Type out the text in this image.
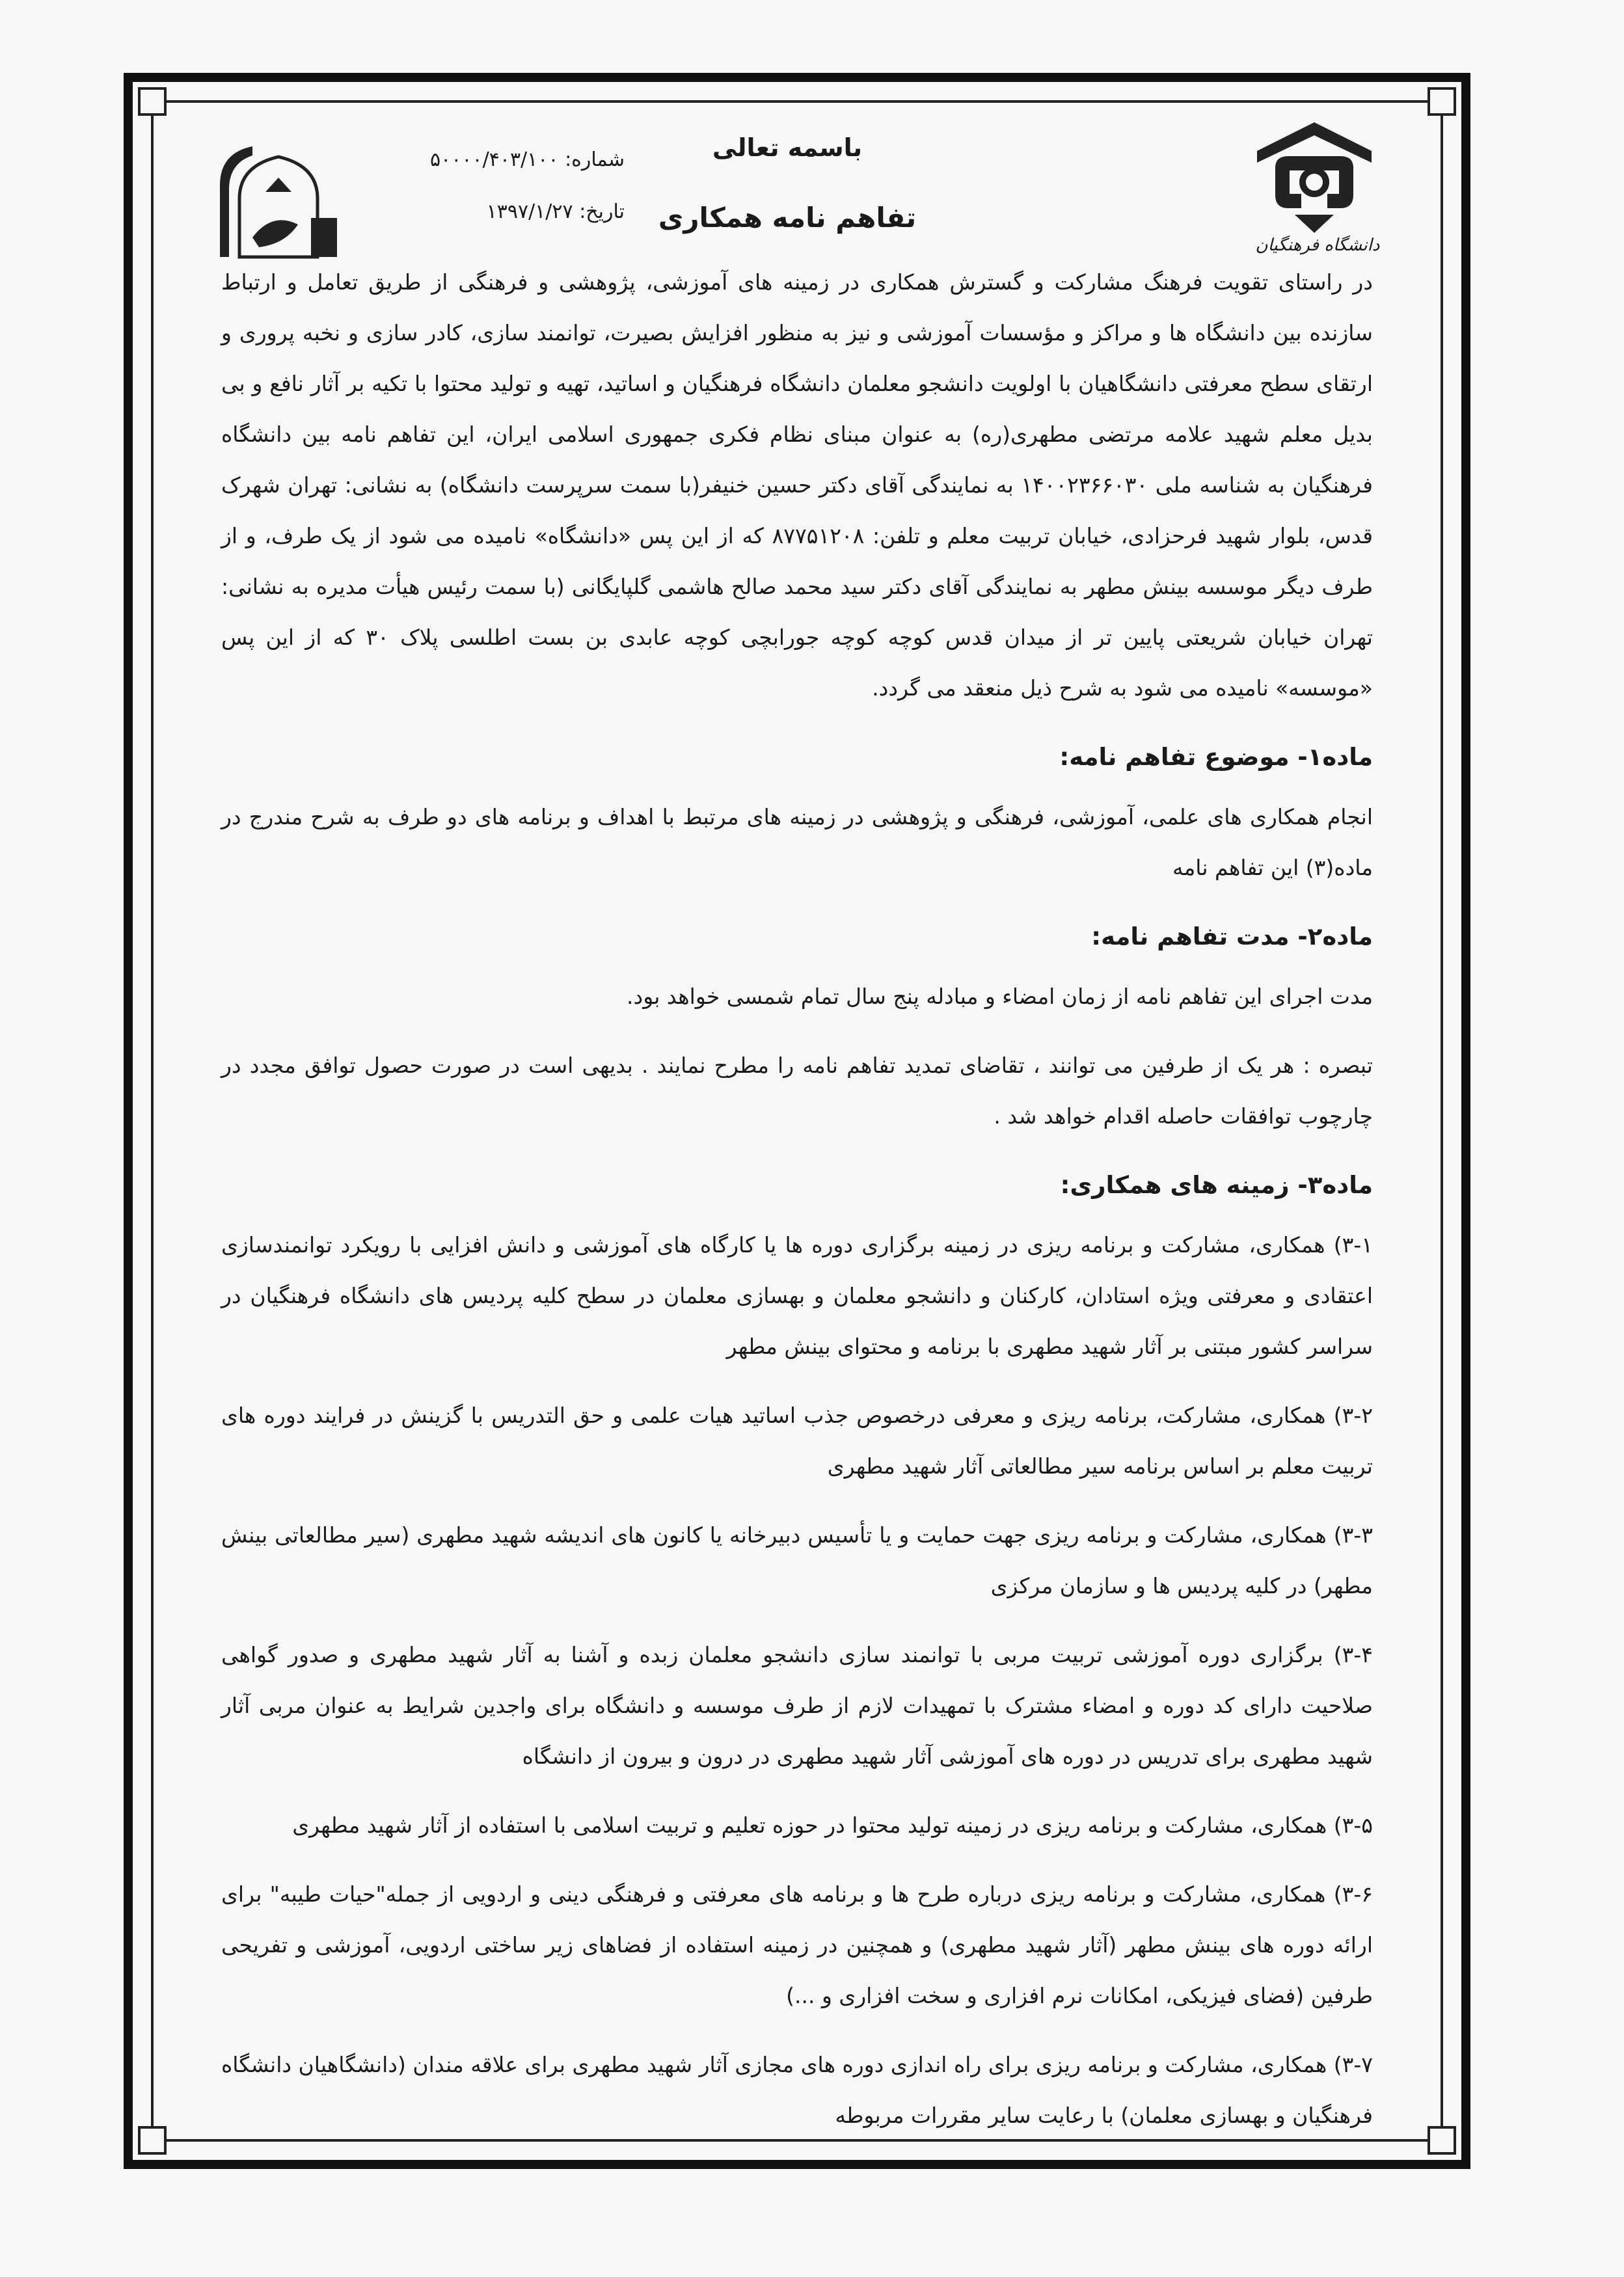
دانشگاه فرهنگیان
باسمه تعالی
تفاهم نامه همکاری
شماره: ۵۰۰۰۰/۴۰۳/۱۰۰
تاریخ: ۱۳۹۷/۱/۲۷

در راستای تقویت فرهنگ مشارکت و گسترش همکاری در زمینه های آموزشی، پژوهشی و فرهنگی از طریق تعامل و ارتباط سازنده بین دانشگاه ها و مراکز و مؤسسات آموزشی و نیز به منظور افزایش بصیرت، توانمند سازی، کادر سازی و نخبه پروری و ارتقای سطح معرفتی دانشگاهیان با اولویت دانشجو معلمان دانشگاه فرهنگیان و اساتید، تهیه و تولید محتوا با تکیه بر آثار نافع و بی بدیل معلم شهید علامه مرتضی مطهری(ره) به عنوان مبنای نظام فکری جمهوری اسلامی ایران، این تفاهم نامه بین دانشگاه فرهنگیان به شناسه ملی ۱۴۰۰۲۳۶۶۰۳۰ به نمایندگی آقای دکتر حسین خنیفر(با سمت سرپرست دانشگاه) به نشانی: تهران شهرک قدس، بلوار شهید فرحزادی، خیابان تربیت معلم و تلفن: ۸۷۷۵۱۲۰۸ که از این پس «دانشگاه» نامیده می شود از یک طرف، و از طرف دیگر موسسه بینش مطهر به نمایندگی آقای دکتر سید محمد صالح هاشمی گلپایگانی (با سمت رئیس هیأت مدیره به نشانی: تهران خیابان شریعتی پایین تر از میدان قدس کوچه کوچه جورابچی کوچه عابدی بن بست اطلسی پلاک ۳۰ که از این پس «موسسه» نامیده می شود به شرح ذیل منعقد می گردد.

ماده۱- موضوع تفاهم نامه:

انجام همکاری های علمی، آموزشی، فرهنگی و پژوهشی در زمینه های مرتبط با اهداف و برنامه های دو طرف به شرح مندرج در ماده(۳) این تفاهم نامه

ماده۲- مدت تفاهم نامه:

مدت اجرای این تفاهم نامه از زمان امضاء و مبادله پنج سال تمام شمسی خواهد بود.

تبصره : هر یک از طرفین می توانند ، تقاضای تمدید تفاهم نامه را مطرح نمایند . بدیهی است در صورت حصول توافق مجدد در چارچوب توافقات حاصله اقدام خواهد شد .

ماده۳- زمینه های همکاری:

۳-۱) همکاری، مشارکت و برنامه ریزی در زمینه برگزاری دوره ها یا کارگاه های آموزشی و دانش افزایی با رویکرد توانمندسازی اعتقادی و معرفتی ویژه استادان، کارکنان و دانشجو معلمان و بهسازی معلمان در سطح کلیه پردیس های دانشگاه فرهنگیان در سراسر کشور مبتنی بر آثار شهید مطهری با برنامه و محتوای بینش مطهر

۳-۲) همکاری، مشارکت، برنامه ریزی و معرفی درخصوص جذب اساتید هیات علمی و حق التدریس با گزینش در فرایند دوره های تربیت معلم بر اساس برنامه سیر مطالعاتی آثار شهید مطهری

۳-۳) همکاری، مشارکت و برنامه ریزی جهت حمایت و یا تأسیس دبیرخانه یا کانون های اندیشه شهید مطهری (سیر مطالعاتی بینش مطهر) در کلیه پردیس ها و سازمان مرکزی

۳-۴) برگزاری دوره آموزشی تربیت مربی با توانمند سازی دانشجو معلمان زبده و آشنا به آثار شهید مطهری و صدور گواهی صلاحیت دارای کد دوره و امضاء مشترک با تمهیدات لازم از طرف موسسه و دانشگاه برای واجدین شرایط به عنوان مربی آثار شهید مطهری برای تدریس در دوره های آموزشی آثار شهید مطهری در درون و بیرون از دانشگاه

۳-۵) همکاری، مشارکت و برنامه ریزی در زمینه تولید محتوا در حوزه تعلیم و تربیت اسلامی با استفاده از آثار شهید مطهری

۳-۶) همکاری، مشارکت و برنامه ریزی درباره طرح ها و برنامه های معرفتی و فرهنگی دینی و اردویی از جمله"حیات طیبه" برای ارائه دوره های بینش مطهر (آثار شهید مطهری) و همچنین در زمینه استفاده از فضاهای زیر ساختی اردویی، آموزشی و تفریحی طرفین (فضای فیزیکی، امکانات نرم افزاری و سخت افزاری و ...)

۳-۷) همکاری، مشارکت و برنامه ریزی برای راه اندازی دوره های مجازی آثار شهید مطهری برای علاقه مندان (دانشگاهیان دانشگاه فرهنگیان و بهسازی معلمان) با رعایت سایر مقررات مربوطه
